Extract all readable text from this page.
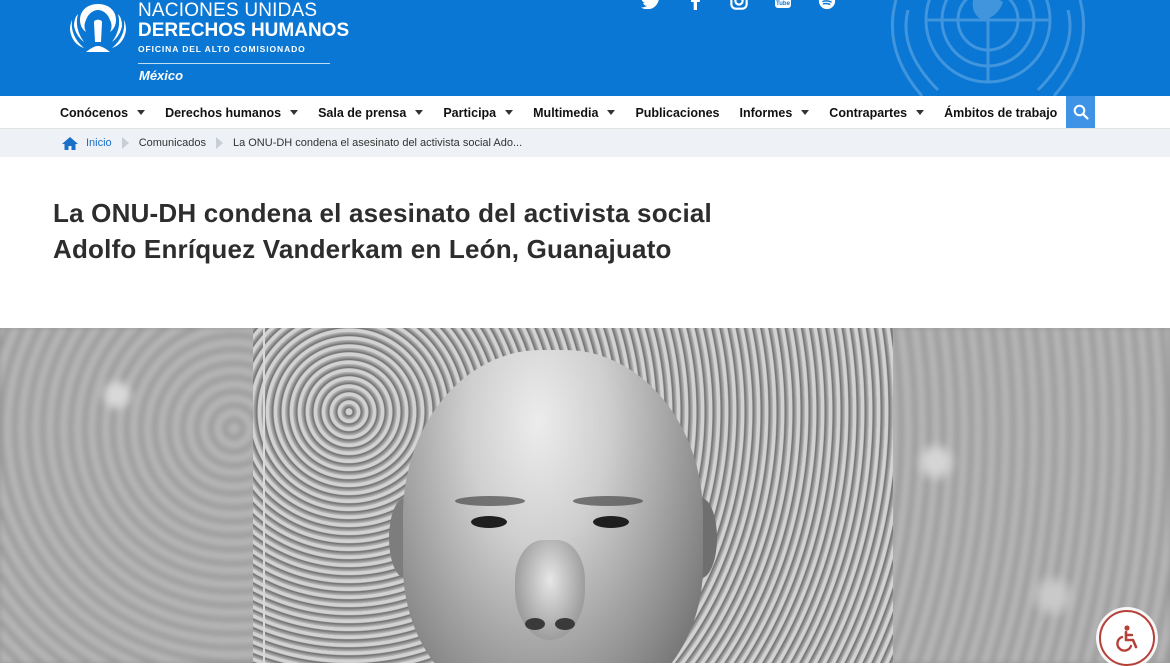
NACIONES UNIDAS
DERECHOS HUMANOS
OFICINA DEL ALTO COMISIONADO
México
Tube
Conócenos	Derechos humanos	Sala de prensa	Participa	Multimedia	Publicaciones Informes	Contrapartes	Ámbitos de trabajo
Inicio Comunicados La ONU-DH condena el asesinato del activista social Ado...
La ONU-DH condena el asesinato del activista social Adolfo Enríquez Vanderkam en León, Guanajuato
